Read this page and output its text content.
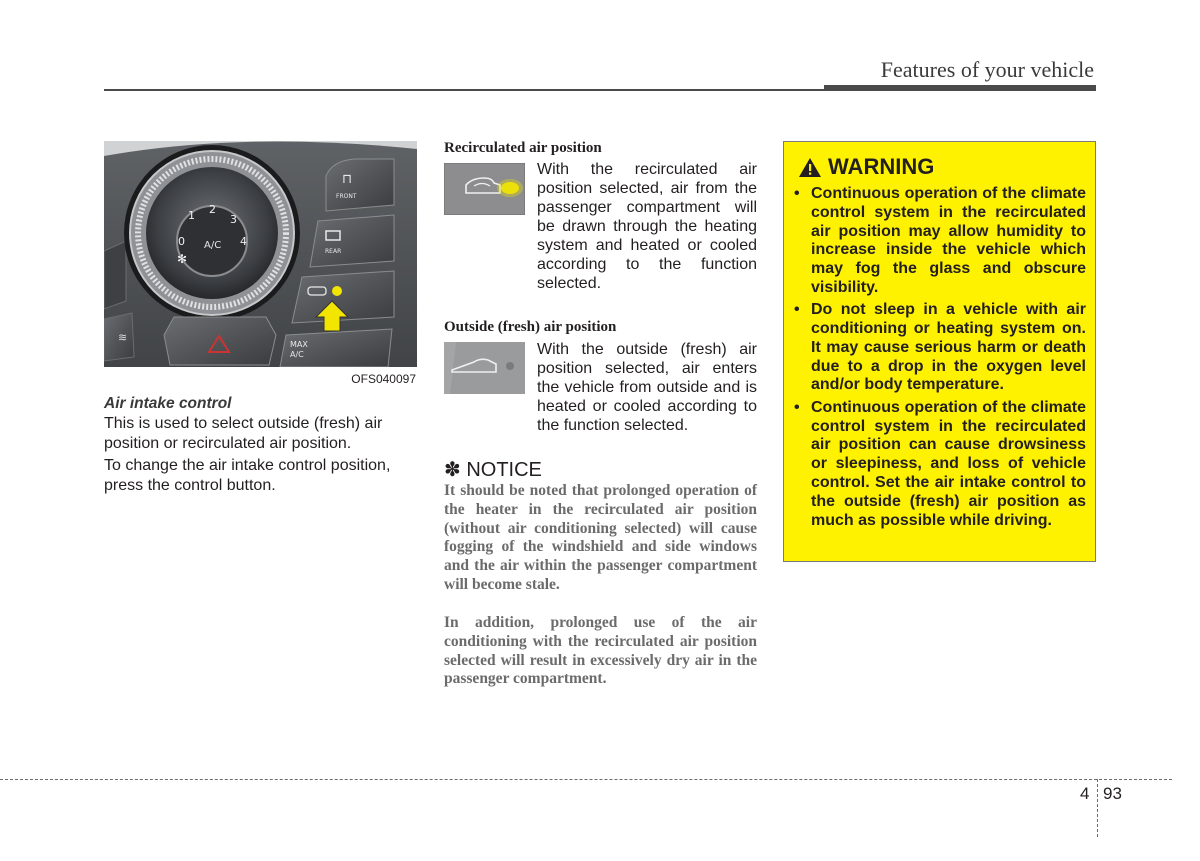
Features of your vehicle
≋
A/C
0
1 2
3
4
✻
⊓
FRONT
REAR
MAX
A/C
OFS040097
Air intake control
This is used to select outside (fresh) air position or recirculated air position.
To change the air intake control position, press the control button.
Recirculated air position
With the recirculated air position selected, air from the passenger compartment will be drawn through the heating system and heated or cooled according to the function selected.
Outside (fresh) air position
With the outside (fresh) air position selected, air enters the vehicle from outside and is heated or cooled according to the function selected.
✽ NOTICE
It should be noted that prolonged operation of the heater in the recirculated air position (without air conditioning selected) will cause fogging of the windshield and side windows and the air within the passenger compartment will become stale.
In addition, prolonged use of the air conditioning with the recirculated air position selected will result in excessively dry air in the passenger compartment.
WARNING
• Continuous operation of the climate control system in the recirculated air position may allow humidity to increase inside the vehicle which may fog the glass and obscure visibility.
• Do not sleep in a vehicle with air conditioning or heating system on. It may cause serious harm or death due to a drop in the oxygen level and/or body temperature.
• Continuous operation of the climate control system in the recirculated air position can cause drowsiness or sleepiness, and loss of vehicle control. Set the air intake control to the outside (fresh) air position as much as possible while driving.
4 93
